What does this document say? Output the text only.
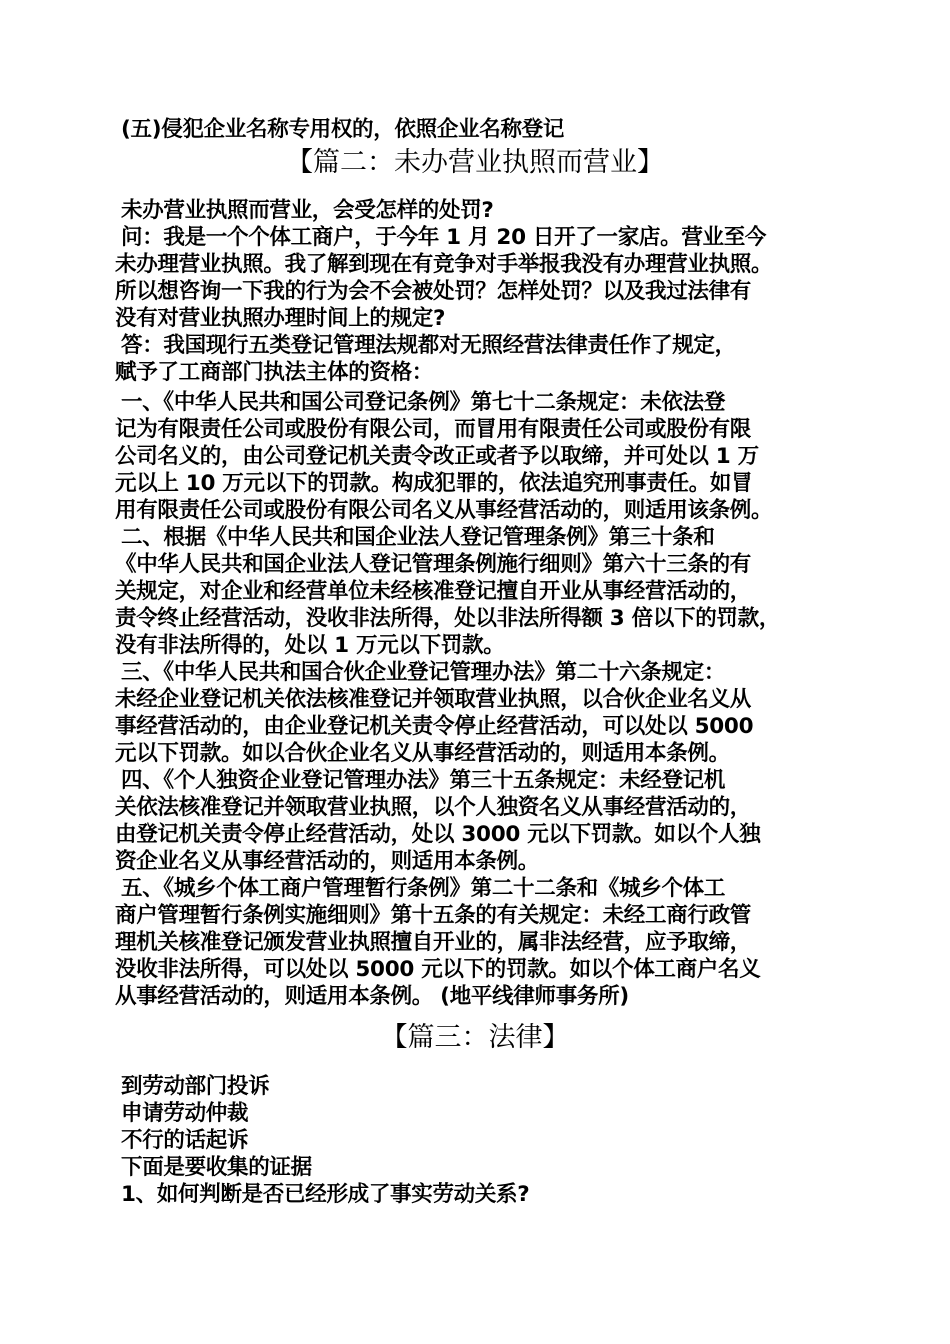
(五)侵犯企业名称专用权的，依照企业名称登记
【篇二：未办营业执照而营业】
未办营业执照而营业，会受怎样的处罚?
问：我是一个个体工商户，于今年 1 月 20 日开了一家店。营业至今
未办理营业执照。我了解到现在有竞争对手举报我没有办理营业执照。
所以想咨询一下我的行为会不会被处罚？怎样处罚？以及我过法律有
没有对营业执照办理时间上的规定?
答：我国现行五类登记管理法规都对无照经营法律责任作了规定，
赋予了工商部门执法主体的资格：
一、《中华人民共和国公司登记条例》第七十二条规定：未依法登
记为有限责任公司或股份有限公司，而冒用有限责任公司或股份有限
公司名义的，由公司登记机关责令改正或者予以取缔，并可处以 1 万
元以上 10 万元以下的罚款。构成犯罪的，依法追究刑事责任。如冒
用有限责任公司或股份有限公司名义从事经营活动的，则适用该条例。
二、根据《中华人民共和国企业法人登记管理条例》第三十条和
《中华人民共和国企业法人登记管理条例施行细则》第六十三条的有
关规定，对企业和经营单位未经核准登记擅自开业从事经营活动的，
责令终止经营活动，没收非法所得，处以非法所得额 3 倍以下的罚款，
没有非法所得的，处以 1 万元以下罚款。
三、《中华人民共和国合伙企业登记管理办法》第二十六条规定：
未经企业登记机关依法核准登记并领取营业执照，以合伙企业名义从
事经营活动的，由企业登记机关责令停止经营活动，可以处以 5000
元以下罚款。如以合伙企业名义从事经营活动的，则适用本条例。
四、《个人独资企业登记管理办法》第三十五条规定：未经登记机
关依法核准登记并领取营业执照，以个人独资名义从事经营活动的，
由登记机关责令停止经营活动，处以 3000 元以下罚款。如以个人独
资企业名义从事经营活动的，则适用本条例。
五、《城乡个体工商户管理暂行条例》第二十二条和《城乡个体工
商户管理暂行条例实施细则》第十五条的有关规定：未经工商行政管
理机关核准登记颁发营业执照擅自开业的，属非法经营，应予取缔，
没收非法所得，可以处以 5000 元以下的罚款。如以个体工商户名义
从事经营活动的，则适用本条例。 (地平线律师事务所)
【篇三：法律】
到劳动部门投诉
申请劳动仲裁
不行的话起诉
下面是要收集的证据
1、如何判断是否已经形成了事实劳动关系?
